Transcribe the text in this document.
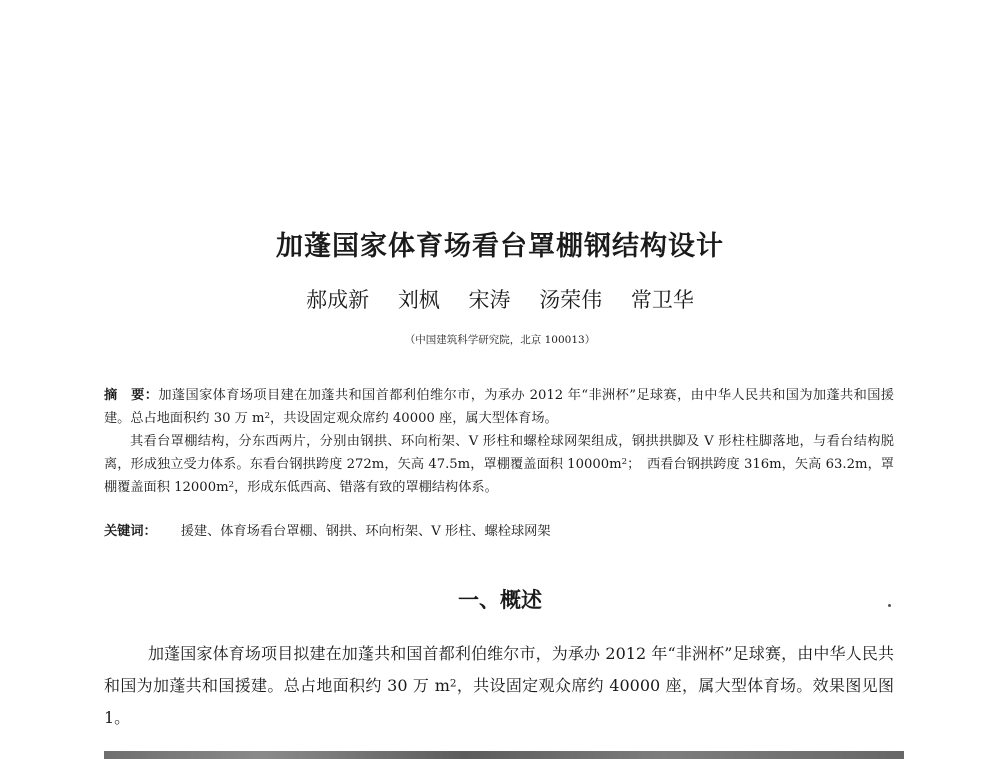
加蓬国家体育场看台罩棚钢结构设计
郝成新 刘枫 宋涛 汤荣伟 常卫华
（中国建筑科学研究院，北京 100013）

摘　要：加蓬国家体育场项目建在加蓬共和国首都利伯维尔市，为承办 2012 年“非洲杯”足球赛，由中华人民共和国为加蓬共和国援建。总占地面积约 30 万 $m^2$，共设固定观众席约 40000 座，属大型体育场。

其看台罩棚结构，分东西两片，分别由钢拱、环向桁架、V 形柱和螺栓球网架组成，钢拱拱脚及 V 形柱柱脚落地，与看台结构脱离，形成独立受力体系。东看台钢拱跨度 272m，矢高 47.5m，罩棚覆盖面积 $10000m^2$；　西看台钢拱跨度 316m，矢高 63.2m，罩棚覆盖面积 $12000m^2$，形成东低西高、错落有致的罩棚结构体系。

关键词： 援建、体育场看台罩棚、钢拱、环向桁架、V 形柱、螺栓球网架
一、概述

加蓬国家体育场项目拟建在加蓬共和国首都利伯维尔市，为承办 2012 年“非洲杯”足球赛，由中华人民共和国为加蓬共和国援建。总占地面积约 30 万 $m^2$，共设固定观众席约 40000 座，属大型体育场。效果图见图 1。
